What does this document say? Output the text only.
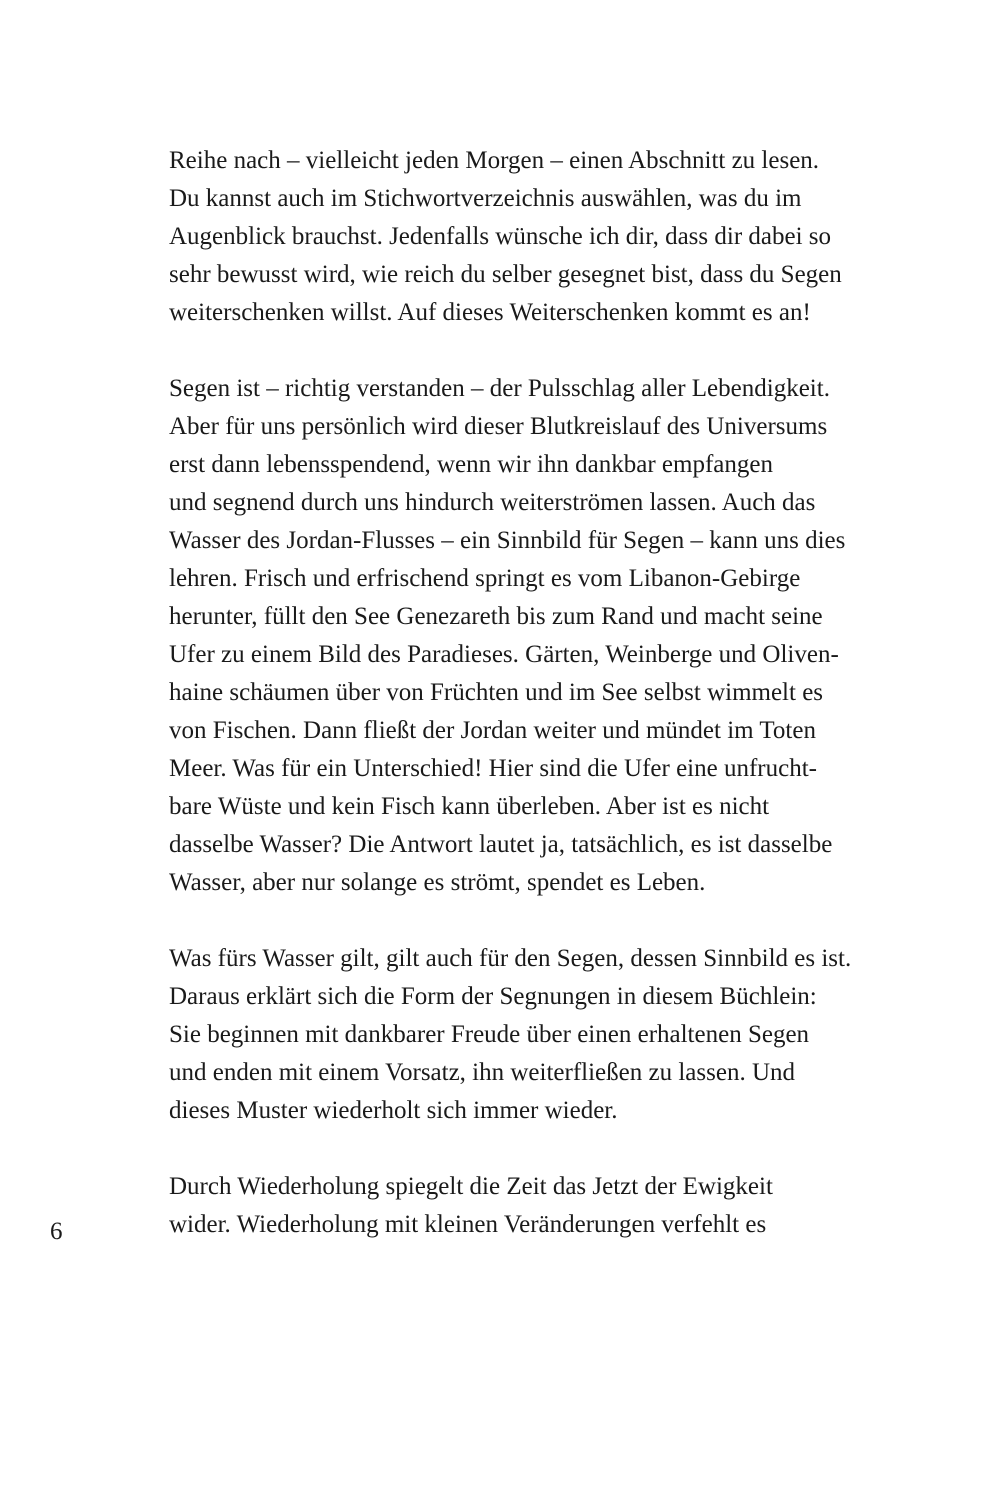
Reihe nach – vielleicht jeden Morgen – einen Abschnitt zu lesen.
Du kannst auch im Stichwortverzeichnis auswählen, was du im
Augenblick brauchst. Jedenfalls wünsche ich dir, dass dir dabei so
sehr bewusst wird, wie reich du selber gesegnet bist, dass du Segen
weiterschenken willst. Auf dieses Weiterschenken kommt es an!

Segen ist – richtig verstanden – der Pulsschlag aller Lebendigkeit.
Aber für uns persönlich wird dieser Blutkreislauf des Universums
erst dann lebensspendend, wenn wir ihn dankbar empfangen
und segnend durch uns hindurch weiterströmen lassen. Auch das
Wasser des Jordan-Flusses – ein Sinnbild für Segen – kann uns dies
lehren. Frisch und erfrischend springt es vom Libanon-Gebirge
herunter, füllt den See Genezareth bis zum Rand und macht seine
Ufer zu einem Bild des Paradieses. Gärten, Weinberge und Oliven-
haine schäumen über von Früchten und im See selbst wimmelt es
von Fischen. Dann fließt der Jordan weiter und mündet im Toten
Meer. Was für ein Unterschied! Hier sind die Ufer eine unfrucht-
bare Wüste und kein Fisch kann überleben. Aber ist es nicht
dasselbe Wasser? Die Antwort lautet ja, tatsächlich, es ist dasselbe
Wasser, aber nur solange es strömt, spendet es Leben.

Was fürs Wasser gilt, gilt auch für den Segen, dessen Sinnbild es ist.
Daraus erklärt sich die Form der Segnungen in diesem Büchlein:
Sie beginnen mit dankbarer Freude über einen erhaltenen Segen
und enden mit einem Vorsatz, ihn weiterfließen zu lassen. Und
dieses Muster wiederholt sich immer wieder.

Durch Wiederholung spiegelt die Zeit das Jetzt der Ewigkeit
wider. Wiederholung mit kleinen Veränderungen verfehlt es

6
